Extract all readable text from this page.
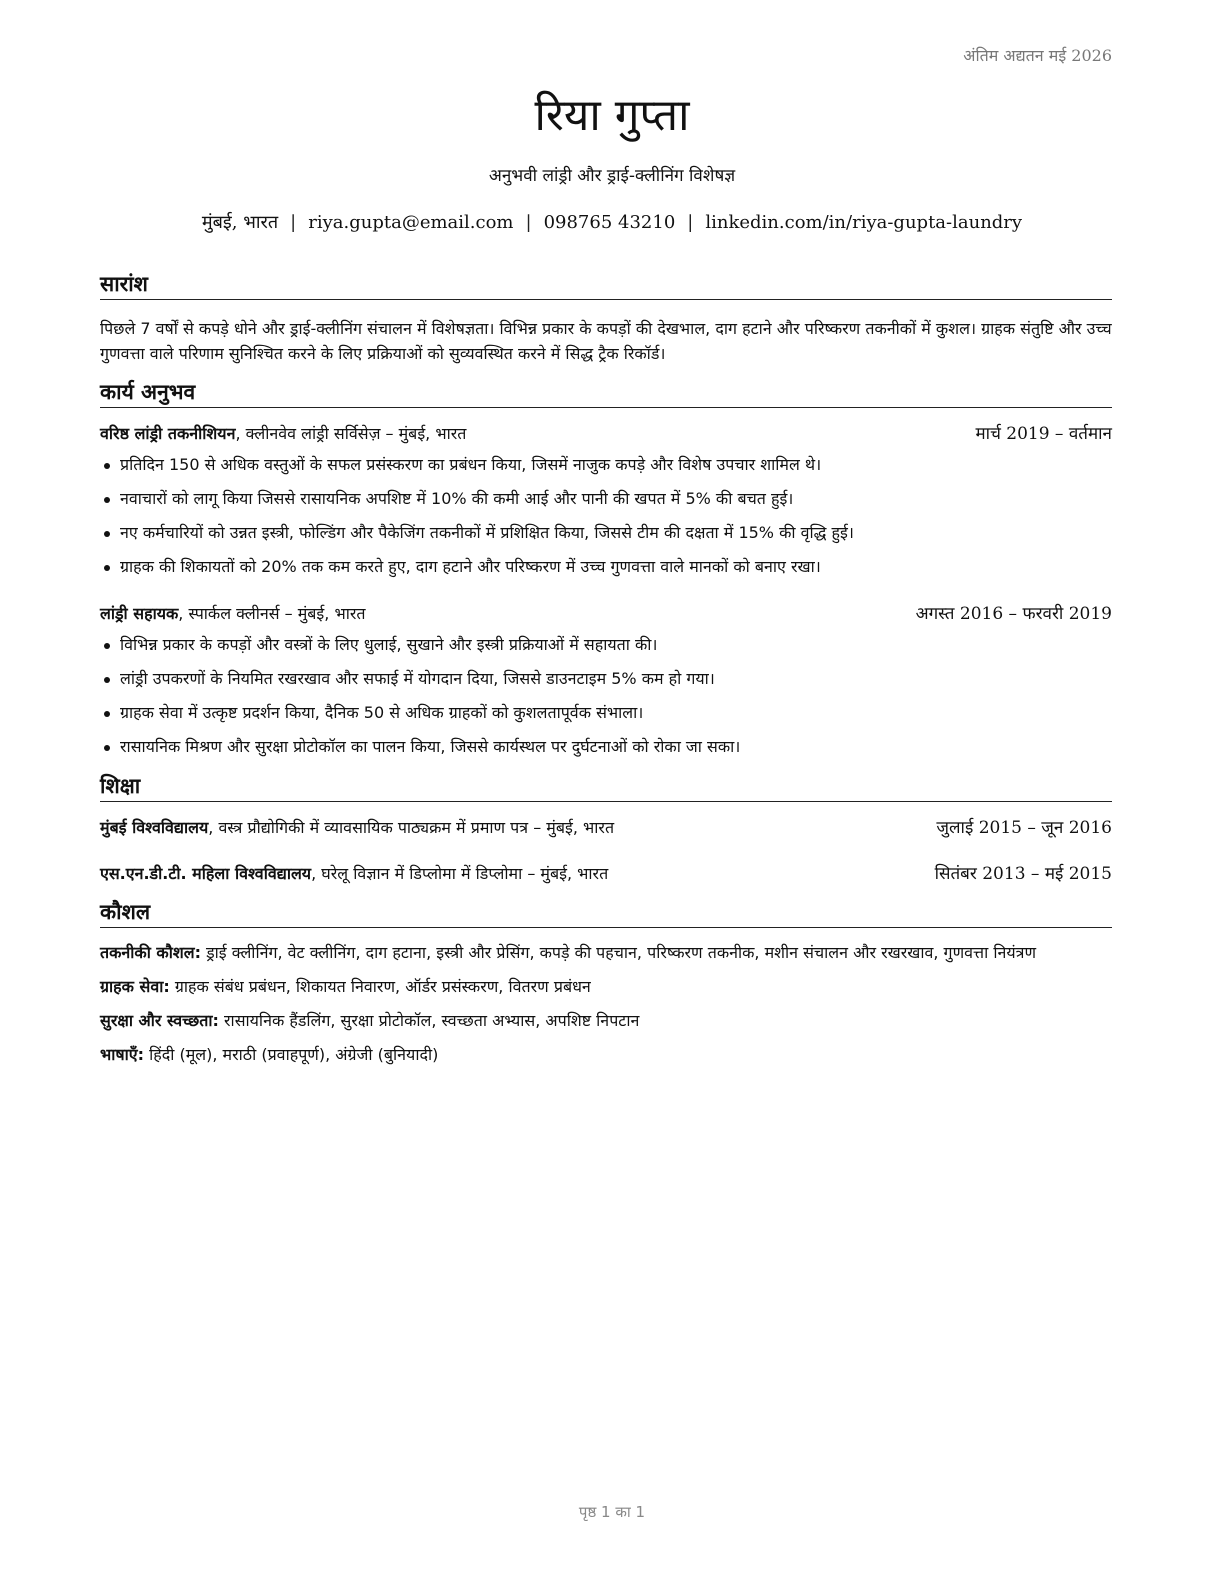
अंतिम अद्यतन मई 2026
रिया गुप्ता
अनुभवी लांड्री और ड्राई-क्लीनिंग विशेषज्ञ
मुंबई, भारत | riya.gupta@email.com | 098765 43210 | linkedin.com/in/riya-gupta-laundry
सारांश
पिछले 7 वर्षों से कपड़े धोने और ड्राई-क्लीनिंग संचालन में विशेषज्ञता। विभिन्न प्रकार के कपड़ों की देखभाल, दाग हटाने और परिष्करण तकनीकों में कुशल। ग्राहक संतुष्टि और उच्च गुणवत्ता वाले परिणाम सुनिश्चित करने के लिए प्रक्रियाओं को सुव्यवस्थित करने में सिद्ध ट्रैक रिकॉर्ड।
कार्य अनुभव
वरिष्ठ लांड्री तकनीशियन, क्लीनवेव लांड्री सर्विसेज़ – मुंबई, भारत	मार्च 2019 – वर्तमान
प्रतिदिन 150 से अधिक वस्तुओं के सफल प्रसंस्करण का प्रबंधन किया, जिसमें नाजुक कपड़े और विशेष उपचार शामिल थे।
नवाचारों को लागू किया जिससे रासायनिक अपशिष्ट में 10% की कमी आई और पानी की खपत में 5% की बचत हुई।
नए कर्मचारियों को उन्नत इस्त्री, फोल्डिंग और पैकेजिंग तकनीकों में प्रशिक्षित किया, जिससे टीम की दक्षता में 15% की वृद्धि हुई।
ग्राहक की शिकायतों को 20% तक कम करते हुए, दाग हटाने और परिष्करण में उच्च गुणवत्ता वाले मानकों को बनाए रखा।
लांड्री सहायक, स्पार्कल क्लीनर्स – मुंबई, भारत	अगस्त 2016 – फरवरी 2019
विभिन्न प्रकार के कपड़ों और वस्त्रों के लिए धुलाई, सुखाने और इस्त्री प्रक्रियाओं में सहायता की।
लांड्री उपकरणों के नियमित रखरखाव और सफाई में योगदान दिया, जिससे डाउनटाइम 5% कम हो गया।
ग्राहक सेवा में उत्कृष्ट प्रदर्शन किया, दैनिक 50 से अधिक ग्राहकों को कुशलतापूर्वक संभाला।
रासायनिक मिश्रण और सुरक्षा प्रोटोकॉल का पालन किया, जिससे कार्यस्थल पर दुर्घटनाओं को रोका जा सका।
शिक्षा
मुंबई विश्वविद्यालय, वस्त्र प्रौद्योगिकी में व्यावसायिक पाठ्यक्रम में प्रमाण पत्र – मुंबई, भारत	जुलाई 2015 – जून 2016
एस.एन.डी.टी. महिला विश्वविद्यालय, घरेलू विज्ञान में डिप्लोमा में डिप्लोमा – मुंबई, भारत	सितंबर 2013 – मई 2015
कौशल
तकनीकी कौशल: ड्राई क्लीनिंग, वेट क्लीनिंग, दाग हटाना, इस्त्री और प्रेसिंग, कपड़े की पहचान, परिष्करण तकनीक, मशीन संचालन और रखरखाव, गुणवत्ता नियंत्रण
ग्राहक सेवा: ग्राहक संबंध प्रबंधन, शिकायत निवारण, ऑर्डर प्रसंस्करण, वितरण प्रबंधन
सुरक्षा और स्वच्छता: रासायनिक हैंडलिंग, सुरक्षा प्रोटोकॉल, स्वच्छता अभ्यास, अपशिष्ट निपटान
भाषाएँ: हिंदी (मूल), मराठी (प्रवाहपूर्ण), अंग्रेजी (बुनियादी)
पृष्ठ 1 का 1
